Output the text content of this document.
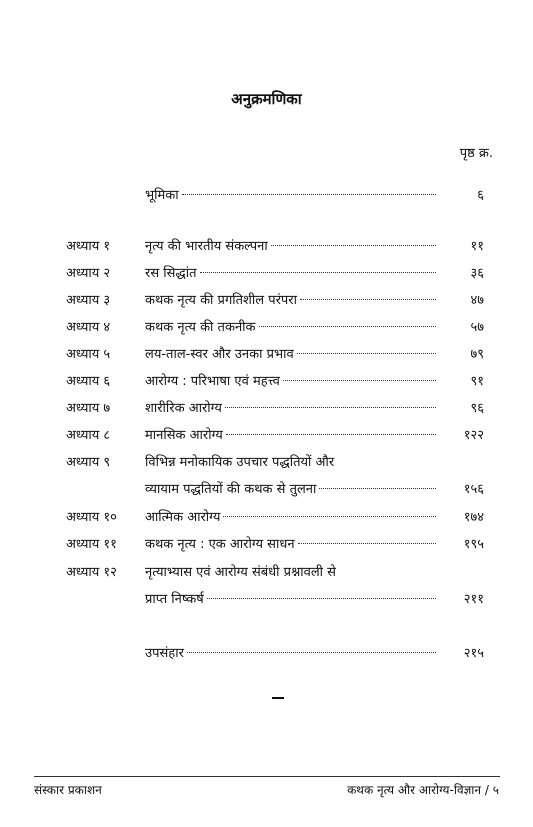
अनुक्रमणिका
पृष्ठ क्र.
भूमिका	६
अध्याय १	नृत्य की भारतीय संकल्पना	११
अध्याय २	रस सिद्धांत	३६
अध्याय ३	कथक नृत्य की प्रगतिशील परंपरा	४७
अध्याय ४	कथक नृत्य की तकनीक	५७
अध्याय ५	लय-ताल-स्वर और उनका प्रभाव	७९
अध्याय ६	आरोग्य : परिभाषा एवं महत्त्व	९१
अध्याय ७	शारीरिक आरोग्य	९६
अध्याय ८	मानसिक आरोग्य	१२२
अध्याय ९	विभिन्न मनोकायिक उपचार पद्धतियों और
व्यायाम पद्धतियों की कथक से तुलना	१५६
अध्याय १० आत्मिक आरोग्य	१७४
अध्याय ११ कथक नृत्य : एक आरोग्य साधन	१९५
अध्याय १२ नृत्याभ्यास एवं आरोग्य संबंधी प्रश्नावली से
प्राप्त निष्कर्ष	२११
उपसंहार	२१५
संस्कार प्रकाशन	कथक नृत्य और आरोग्य-विज्ञान / ५
